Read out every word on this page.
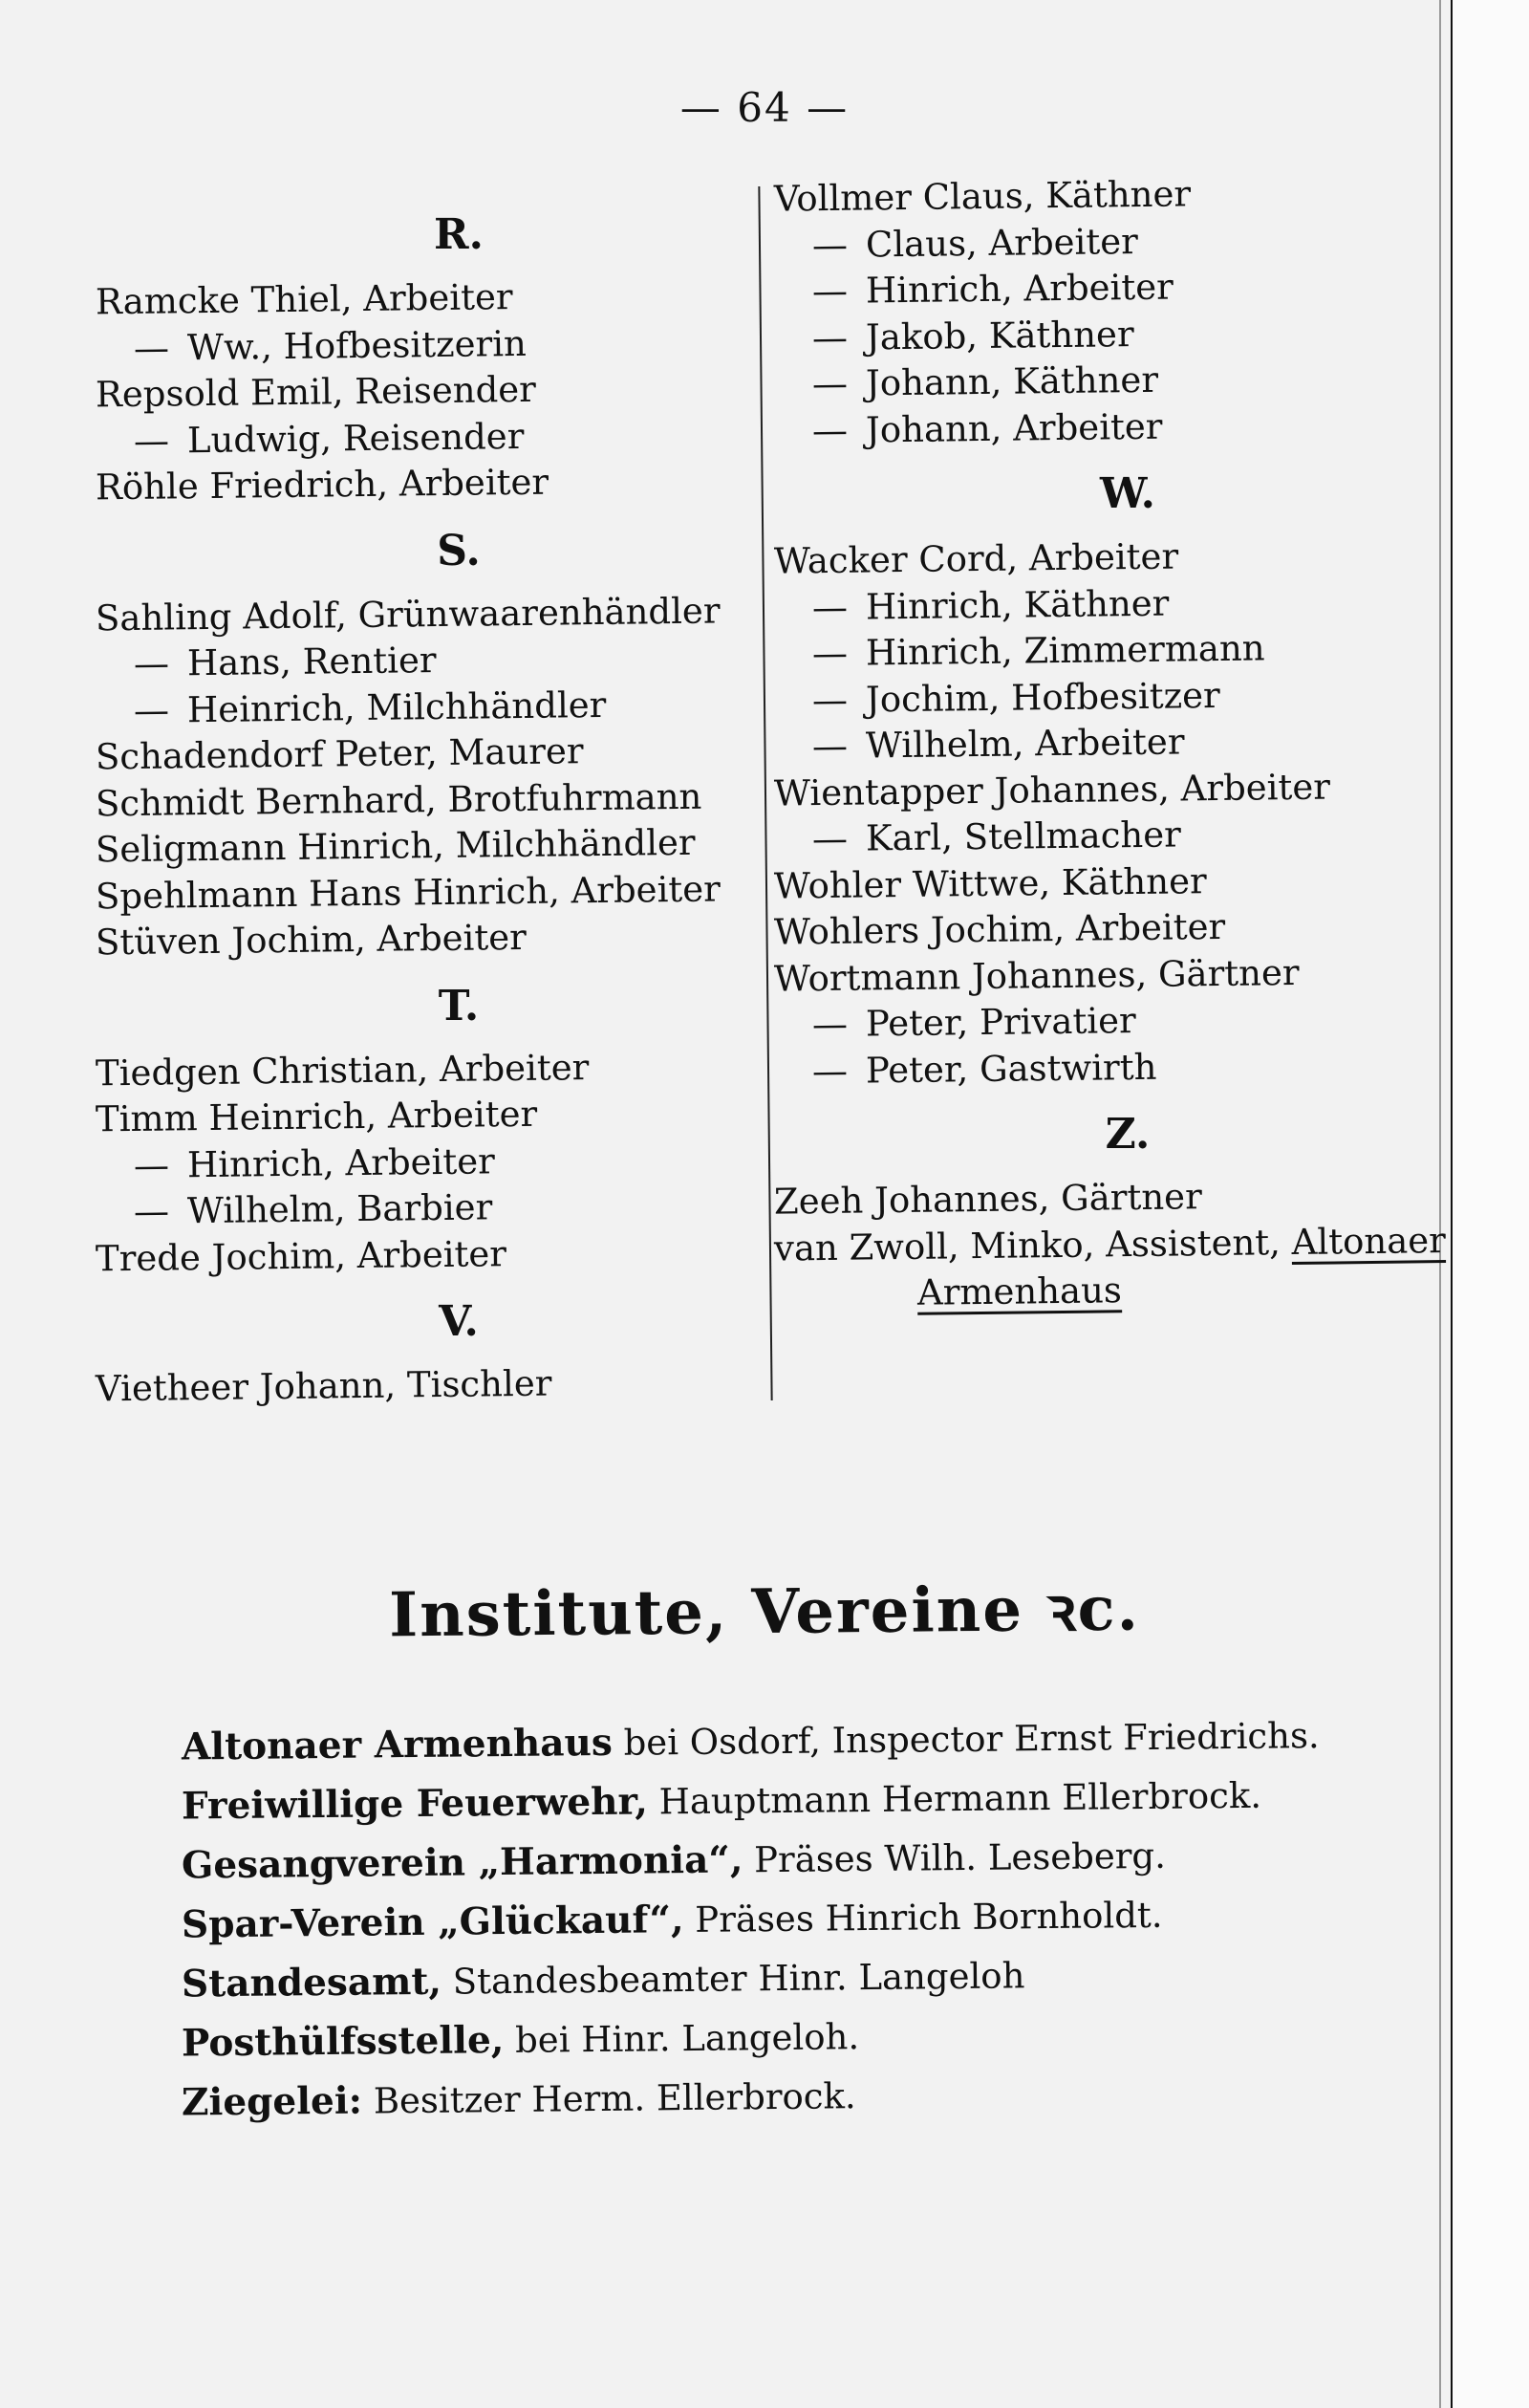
— 64 —
R.
Ramcke Thiel, Arbeiter
— Ww., Hofbesitzerin
Repsold Emil, Reisender
— Ludwig, Reisender
Röhle Friedrich, Arbeiter
S.
Sahling Adolf, Grünwaarenhändler
— Hans, Rentier
— Heinrich, Milchhändler
Schadendorf Peter, Maurer
Schmidt Bernhard, Brotfuhrmann
Seligmann Hinrich, Milchhändler
Spehlmann Hans Hinrich, Arbeiter
Stüven Jochim, Arbeiter
T.
Tiedgen Christian, Arbeiter
Timm Heinrich, Arbeiter
— Hinrich, Arbeiter
— Wilhelm, Barbier
Trede Jochim, Arbeiter
V.
Vietheer Johann, Tischler
Vollmer Claus, Käthner
— Claus, Arbeiter
— Hinrich, Arbeiter
— Jakob, Käthner
— Johann, Käthner
— Johann, Arbeiter
W.
Wacker Cord, Arbeiter
— Hinrich, Käthner
— Hinrich, Zimmermann
— Jochim, Hofbesitzer
— Wilhelm, Arbeiter
Wientapper Johannes, Arbeiter
— Karl, Stellmacher
Wohler Wittwe, Käthner
Wohlers Jochim, Arbeiter
Wortmann Johannes, Gärtner
— Peter, Privatier
— Peter, Gastwirth
Z.
Zeeh Johannes, Gärtner
van Zwoll, Minko, Assistent, Altonaer
Armenhaus
Institute, Vereine ꝛc.
Altonaer Armenhaus bei Osdorf, Inspector Ernst Friedrichs.
Freiwillige Feuerwehr, Hauptmann Hermann Ellerbrock.
Gesangverein „Harmonia“, Präses Wilh. Leseberg.
Spar-Verein „Glückauf“, Präses Hinrich Bornholdt.
Standesamt, Standesbeamter Hinr. Langeloh
Posthülfsstelle, bei Hinr. Langeloh.
Ziegelei: Besitzer Herm. Ellerbrock.
